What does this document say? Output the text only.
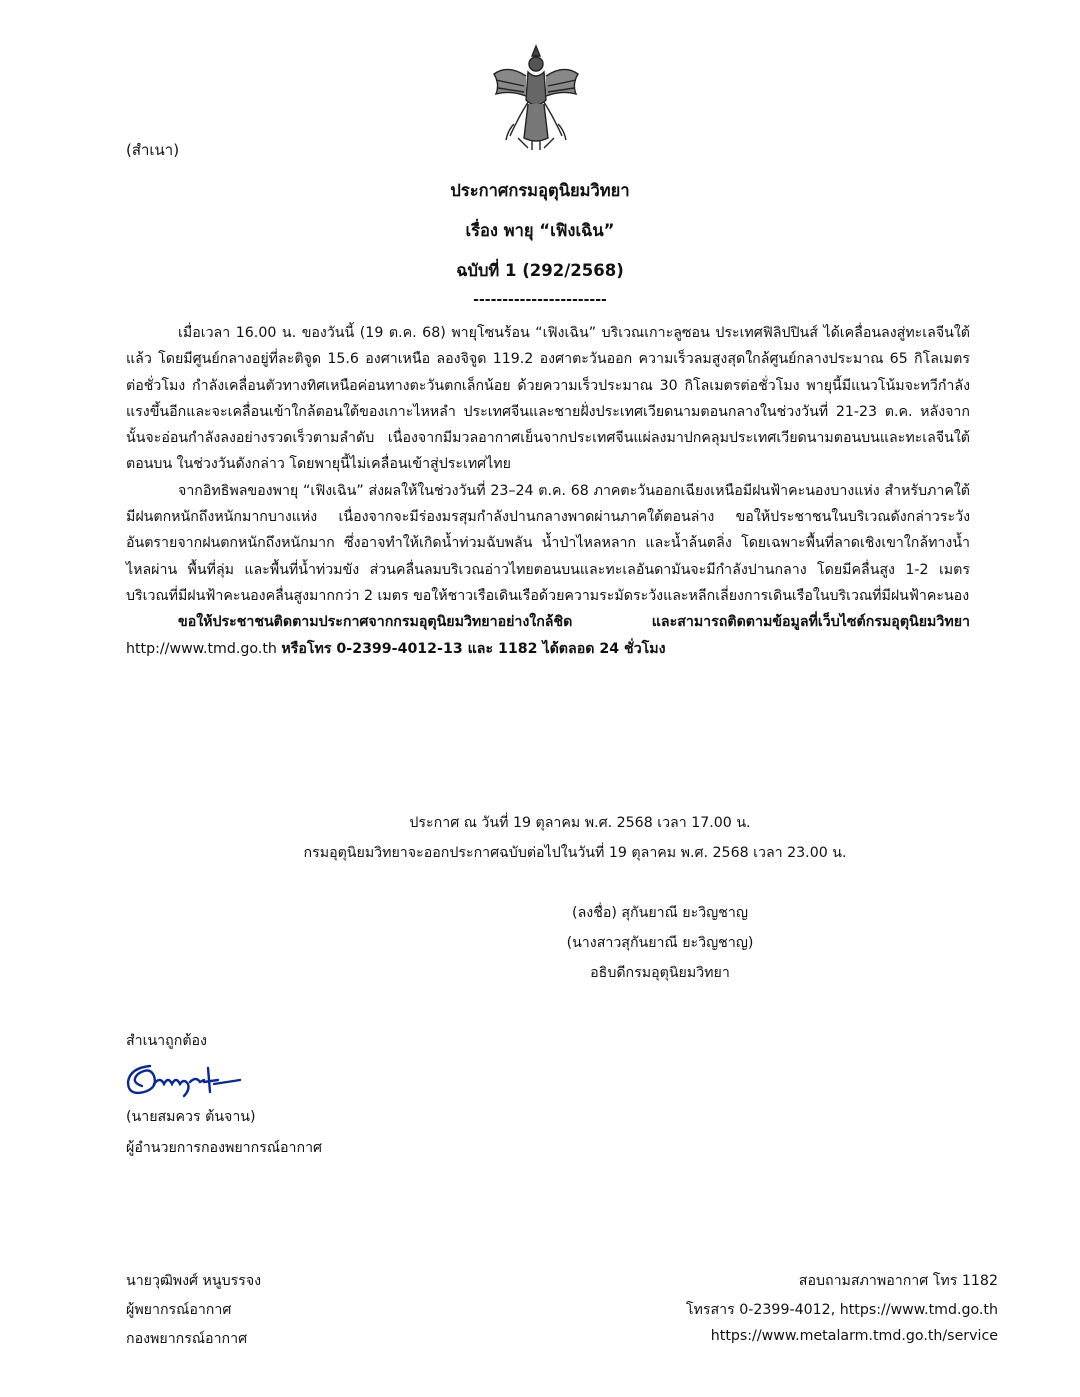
(สำเนา)
ประกาศกรมอุตุนิยมวิทยา
เรื่อง พายุ “เฟิงเฉิน”
ฉบับที่ 1 (292/2568)
-----------------------

เมื่อเวลา 16.00 น. ของวันนี้ (19 ต.ค. 68) พายุโซนร้อน “เฟิงเฉิน” บริเวณเกาะลูซอน ประเทศฟิลิปปินส์ ได้เคลื่อนลงสู่ทะเลจีนใต้แล้ว โดยมีศูนย์กลางอยู่ที่ละติจูด 15.6 องศาเหนือ ลองจิจูด 119.2 องศาตะวันออก ความเร็วลมสูงสุดใกล้ศูนย์กลางประมาณ 65 กิโลเมตรต่อชั่วโมง กำลังเคลื่อนตัวทางทิศเหนือค่อนทางตะวันตกเล็กน้อย ด้วยความเร็วประมาณ 30 กิโลเมตรต่อชั่วโมง พายุนี้มีแนวโน้มจะทวีกำลังแรงขึ้นอีกและจะเคลื่อนเข้าใกล้ตอนใต้ของเกาะไหหลำ ประเทศจีนและชายฝั่งประเทศเวียดนามตอนกลางในช่วงวันที่ 21-23 ต.ค. หลังจากนั้นจะอ่อนกำลังลงอย่างรวดเร็วตามลำดับ เนื่องจากมีมวลอากาศเย็นจากประเทศจีนแผ่ลงมาปกคลุมประเทศเวียดนามตอนบนและทะเลจีนใต้ตอนบน ในช่วงวันดังกล่าว โดยพายุนี้ไม่เคลื่อนเข้าสู่ประเทศไทย

จากอิทธิพลของพายุ “เฟิงเฉิน” ส่งผลให้ในช่วงวันที่ 23–24 ต.ค. 68 ภาคตะวันออกเฉียงเหนือมีฝนฟ้าคะนองบางแห่ง สำหรับภาคใต้มีฝนตกหนักถึงหนักมากบางแห่ง เนื่องจากจะมีร่องมรสุมกำลังปานกลางพาดผ่านภาคใต้ตอนล่าง ขอให้ประชาชนในบริเวณดังกล่าวระวังอันตรายจากฝนตกหนักถึงหนักมาก ซึ่งอาจทำให้เกิดน้ำท่วมฉับพลัน น้ำป่าไหลหลาก และน้ำล้นตลิ่ง โดยเฉพาะพื้นที่ลาดเชิงเขาใกล้ทางน้ำไหลผ่าน พื้นที่ลุ่ม และพื้นที่น้ำท่วมขัง ส่วนคลื่นลมบริเวณอ่าวไทยตอนบนและทะเลอันดามันจะมีกำลังปานกลาง โดยมีคลื่นสูง 1-2 เมตร บริเวณที่มีฝนฟ้าคะนองคลื่นสูงมากกว่า 2 เมตร ขอให้ชาวเรือเดินเรือด้วยความระมัดระวังและหลีกเลี่ยงการเดินเรือในบริเวณที่มีฝนฟ้าคะนอง

ขอให้ประชาชนติดตามประกาศจากกรมอุตุนิยมวิทยาอย่างใกล้ชิด และสามารถติดตามข้อมูลที่เว็บไซต์กรมอุตุนิยมวิทยา http://www.tmd.go.th หรือโทร 0-2399-4012-13 และ 1182 ได้ตลอด 24 ชั่วโมง

ประกาศ ณ วันที่ 19 ตุลาคม พ.ศ. 2568 เวลา 17.00 น.
กรมอุตุนิยมวิทยาจะออกประกาศฉบับต่อไปในวันที่ 19 ตุลาคม พ.ศ. 2568 เวลา 23.00 น.
(ลงชื่อ) สุกันยาณี ยะวิญชาญ
(นางสาวสุกันยาณี ยะวิญชาญ)
อธิบดีกรมอุตุนิยมวิทยา
สำเนาถูกต้อง
(นายสมควร ต้นจาน)
ผู้อำนวยการกองพยากรณ์อากาศ
นายวุฒิพงศ์ หนูบรรจง
ผู้พยากรณ์อากาศ
กองพยากรณ์อากาศ
สอบถามสภาพอากาศ โทร 1182
โทรสาร 0-2399-4012, https://www.tmd.go.th
https://www.metalarm.tmd.go.th/service
